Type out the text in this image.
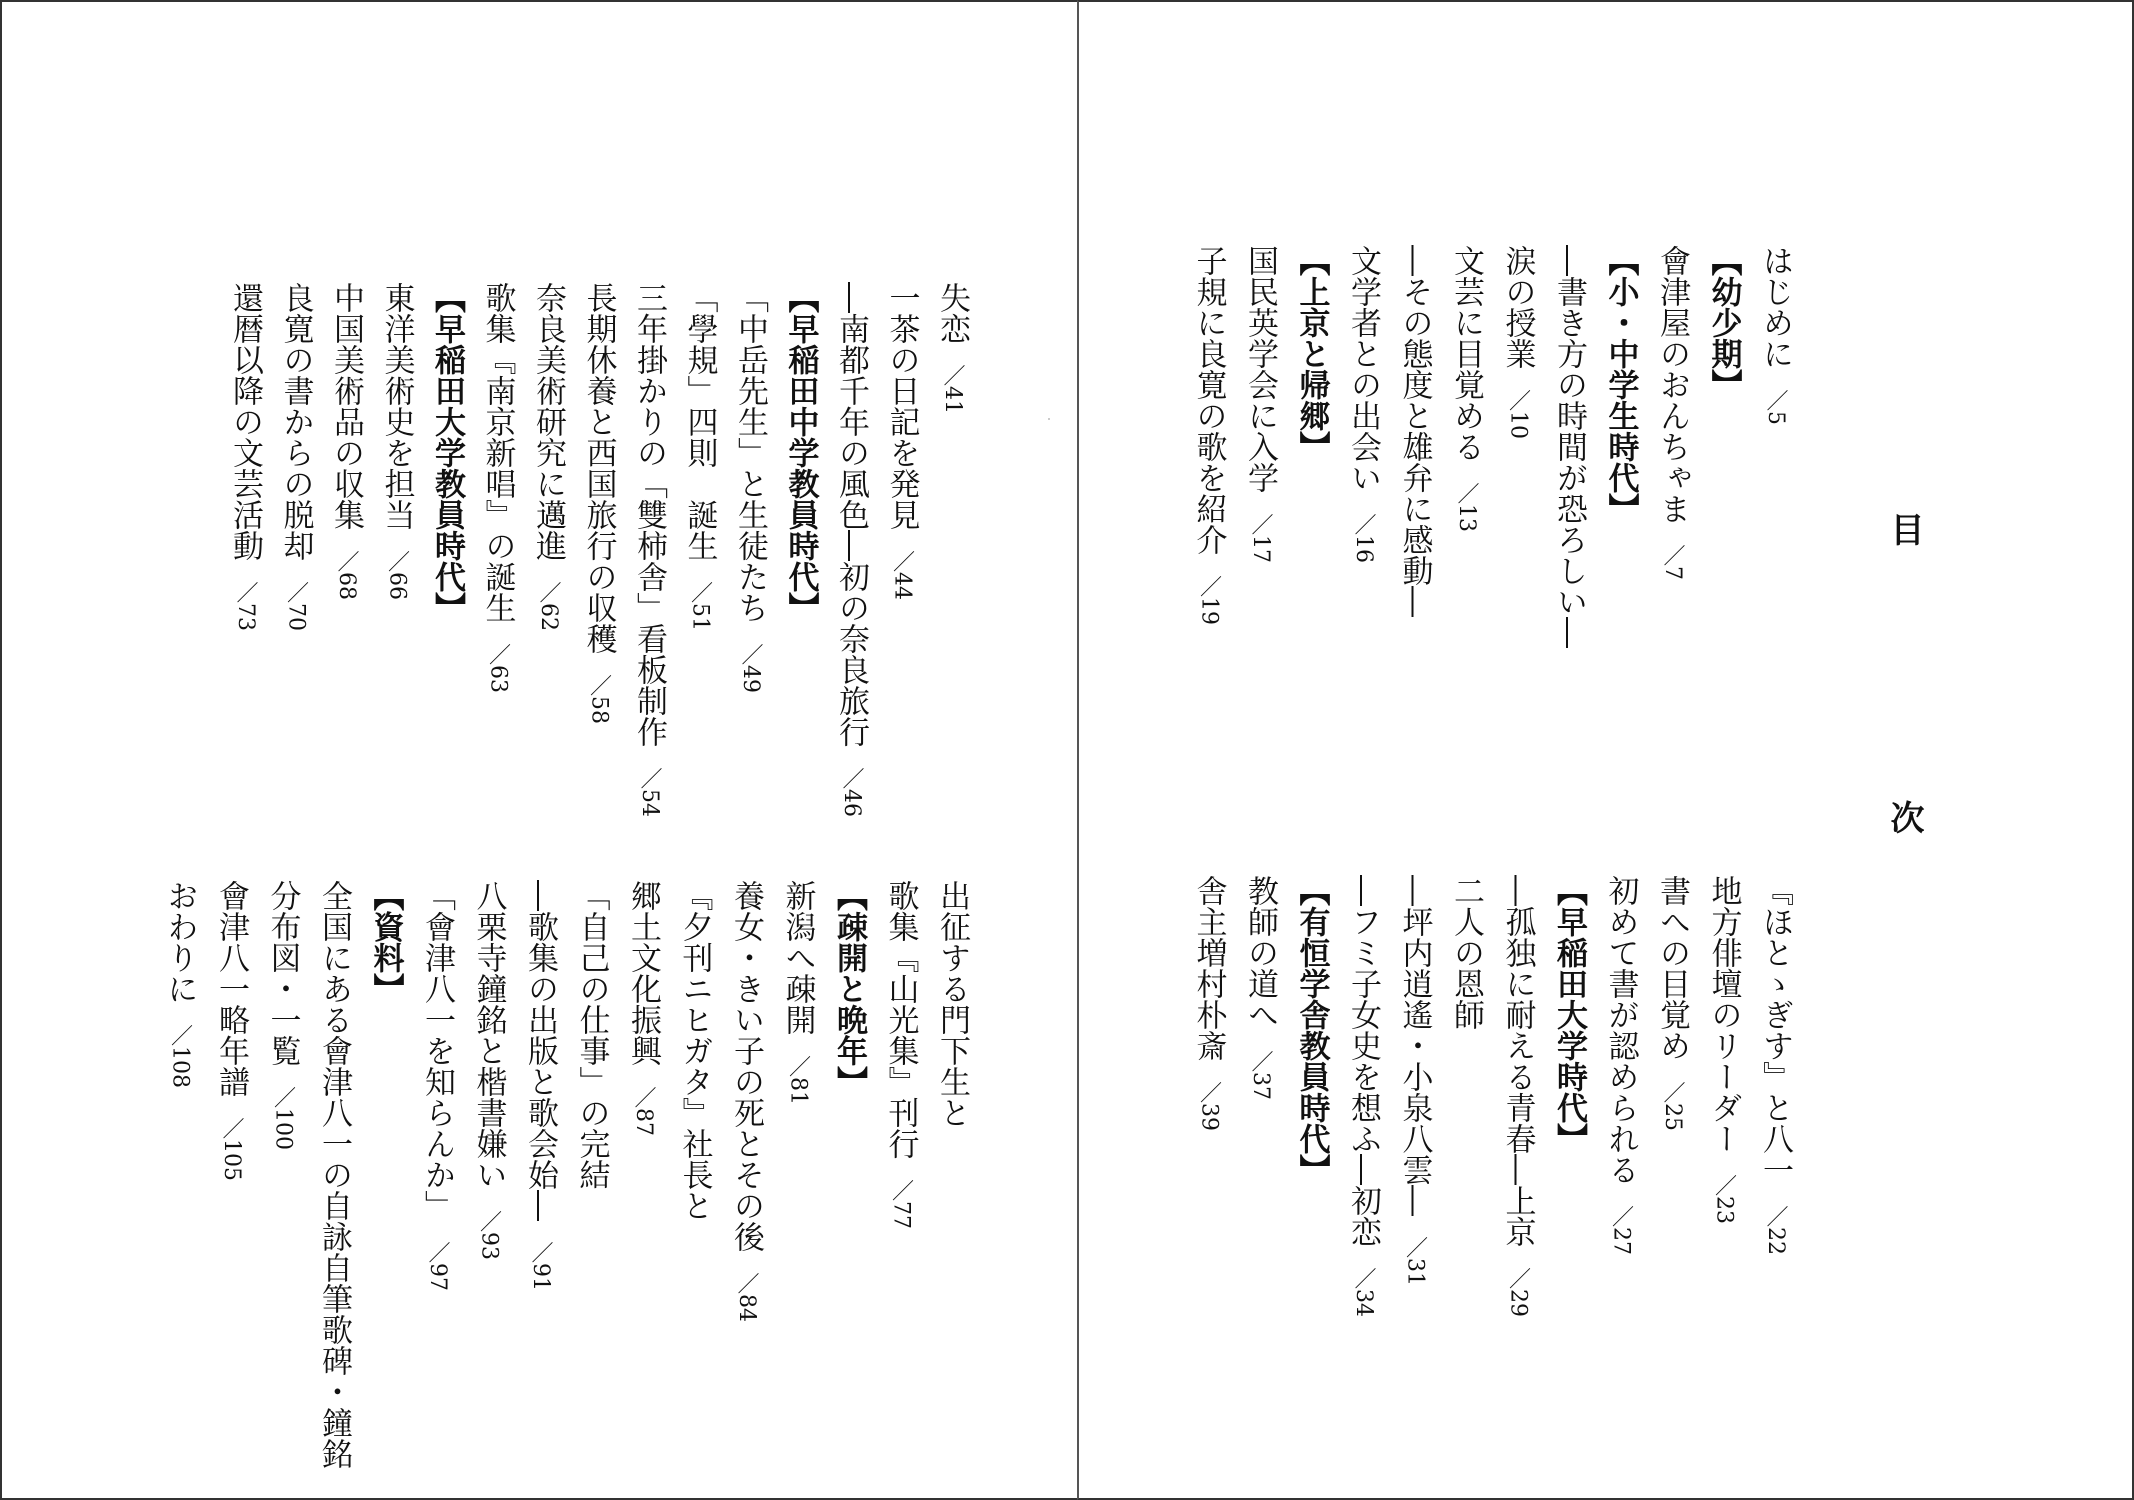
目　次
はじめに／5
【幼少期】
會津屋のおんちゃま／7
【小・中学生時代】
―書き方の時間が恐ろしい―
涙の授業／10
文芸に目覚める／13
―その態度と雄弁に感動―
文学者との出会い／16
【上京と帰郷】
国民英学会に入学／17
子規に良寛の歌を紹介／19
『ほとゝぎす』と八一／22
地方俳壇のリーダー／23
書への目覚め／25
初めて書が認められる／27
【早稲田大学時代】
―孤独に耐える青春―上京／29
二人の恩師
―坪内逍遙・小泉八雲―／31
―フミ子女史を想ふ―初恋／34
【有恒学舎教員時代】
教師の道へ／37
舎主増村朴斎／39
失恋／41
一茶の日記を発見／44
―南都千年の風色―初の奈良旅行／46
【早稲田中学教員時代】
「中岳先生」と生徒たち／49
「學規」四則　誕生／51
三年掛かりの「雙柿舎」看板制作／54
長期休養と西国旅行の収穫／58
奈良美術研究に邁進／62
歌集『南京新唱』の誕生／63
【早稲田大学教員時代】
東洋美術史を担当／66
中国美術品の収集／68
良寛の書からの脱却／70
還暦以降の文芸活動／73
出征する門下生と
歌集『山光集』刊行／77
【疎開と晩年】
新潟へ疎開／81
養女・きい子の死とその後／84
『夕刊ニヒガタ』社長と
郷土文化振興／87
「自己の仕事」の完結
―歌集の出版と歌会始―／91
八栗寺鐘銘と楷書嫌い／93
「會津八一を知らんか」／97
【資料】
全国にある會津八一の自詠自筆歌碑・鐘銘
分布図・一覧／100
會津八一略年譜／105
おわりに／108
